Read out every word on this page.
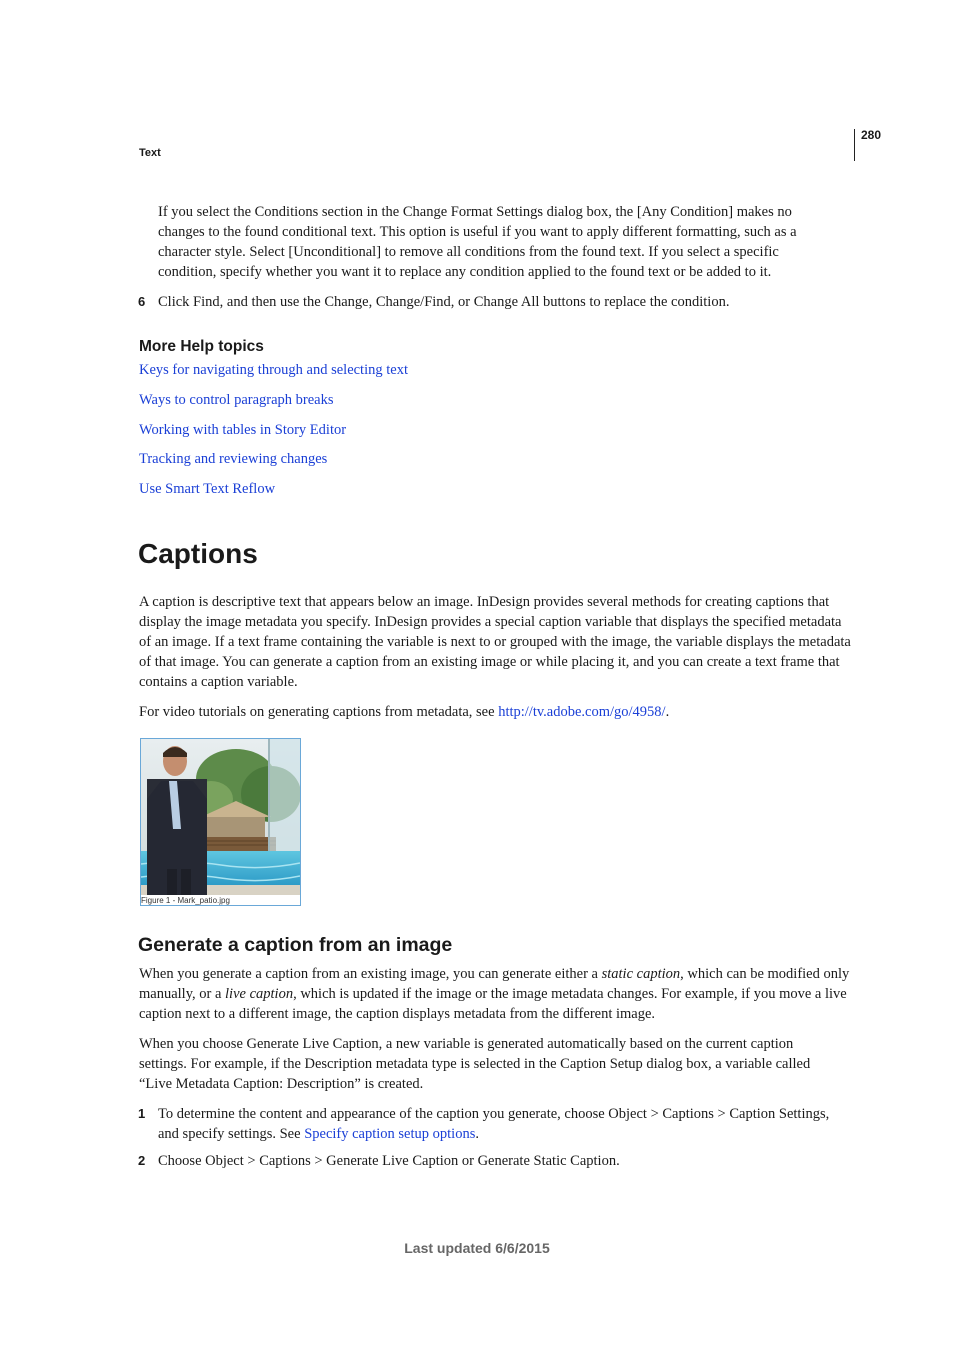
280
Text
If you select the Conditions section in the Change Format Settings dialog box, the [Any Condition] makes no changes to the found conditional text. This option is useful if you want to apply different formatting, such as a character style. Select [Unconditional] to remove all conditions from the found text. If you select a specific condition, specify whether you want it to replace any condition applied to the found text or be added to it.
6 Click Find, and then use the Change, Change/Find, or Change All buttons to replace the condition.
More Help topics
Keys for navigating through and selecting text
Ways to control paragraph breaks
Working with tables in Story Editor
Tracking and reviewing changes
Use Smart Text Reflow
Captions
A caption is descriptive text that appears below an image. InDesign provides several methods for creating captions that display the image metadata you specify. InDesign provides a special caption variable that displays the specified metadata of an image. If a text frame containing the variable is next to or grouped with the image, the variable displays the metadata of that image. You can generate a caption from an existing image or while placing it, and you can create a text frame that contains a caption variable.
For video tutorials on generating captions from metadata, see http://tv.adobe.com/go/4958/.
Figure 1 - Mark_patio.jpg
Generate a caption from an image
When you generate a caption from an existing image, you can generate either a static caption, which can be modified only manually, or a live caption, which is updated if the image or the image metadata changes. For example, if you move a live caption next to a different image, the caption displays metadata from the different image.
When you choose Generate Live Caption, a new variable is generated automatically based on the current caption settings. For example, if the Description metadata type is selected in the Caption Setup dialog box, a variable called “Live Metadata Caption: Description” is created.
1 To determine the content and appearance of the caption you generate, choose Object > Captions > Caption Settings, and specify settings. See Specify caption setup options.
2 Choose Object > Captions > Generate Live Caption or Generate Static Caption.
Last updated 6/6/2015
